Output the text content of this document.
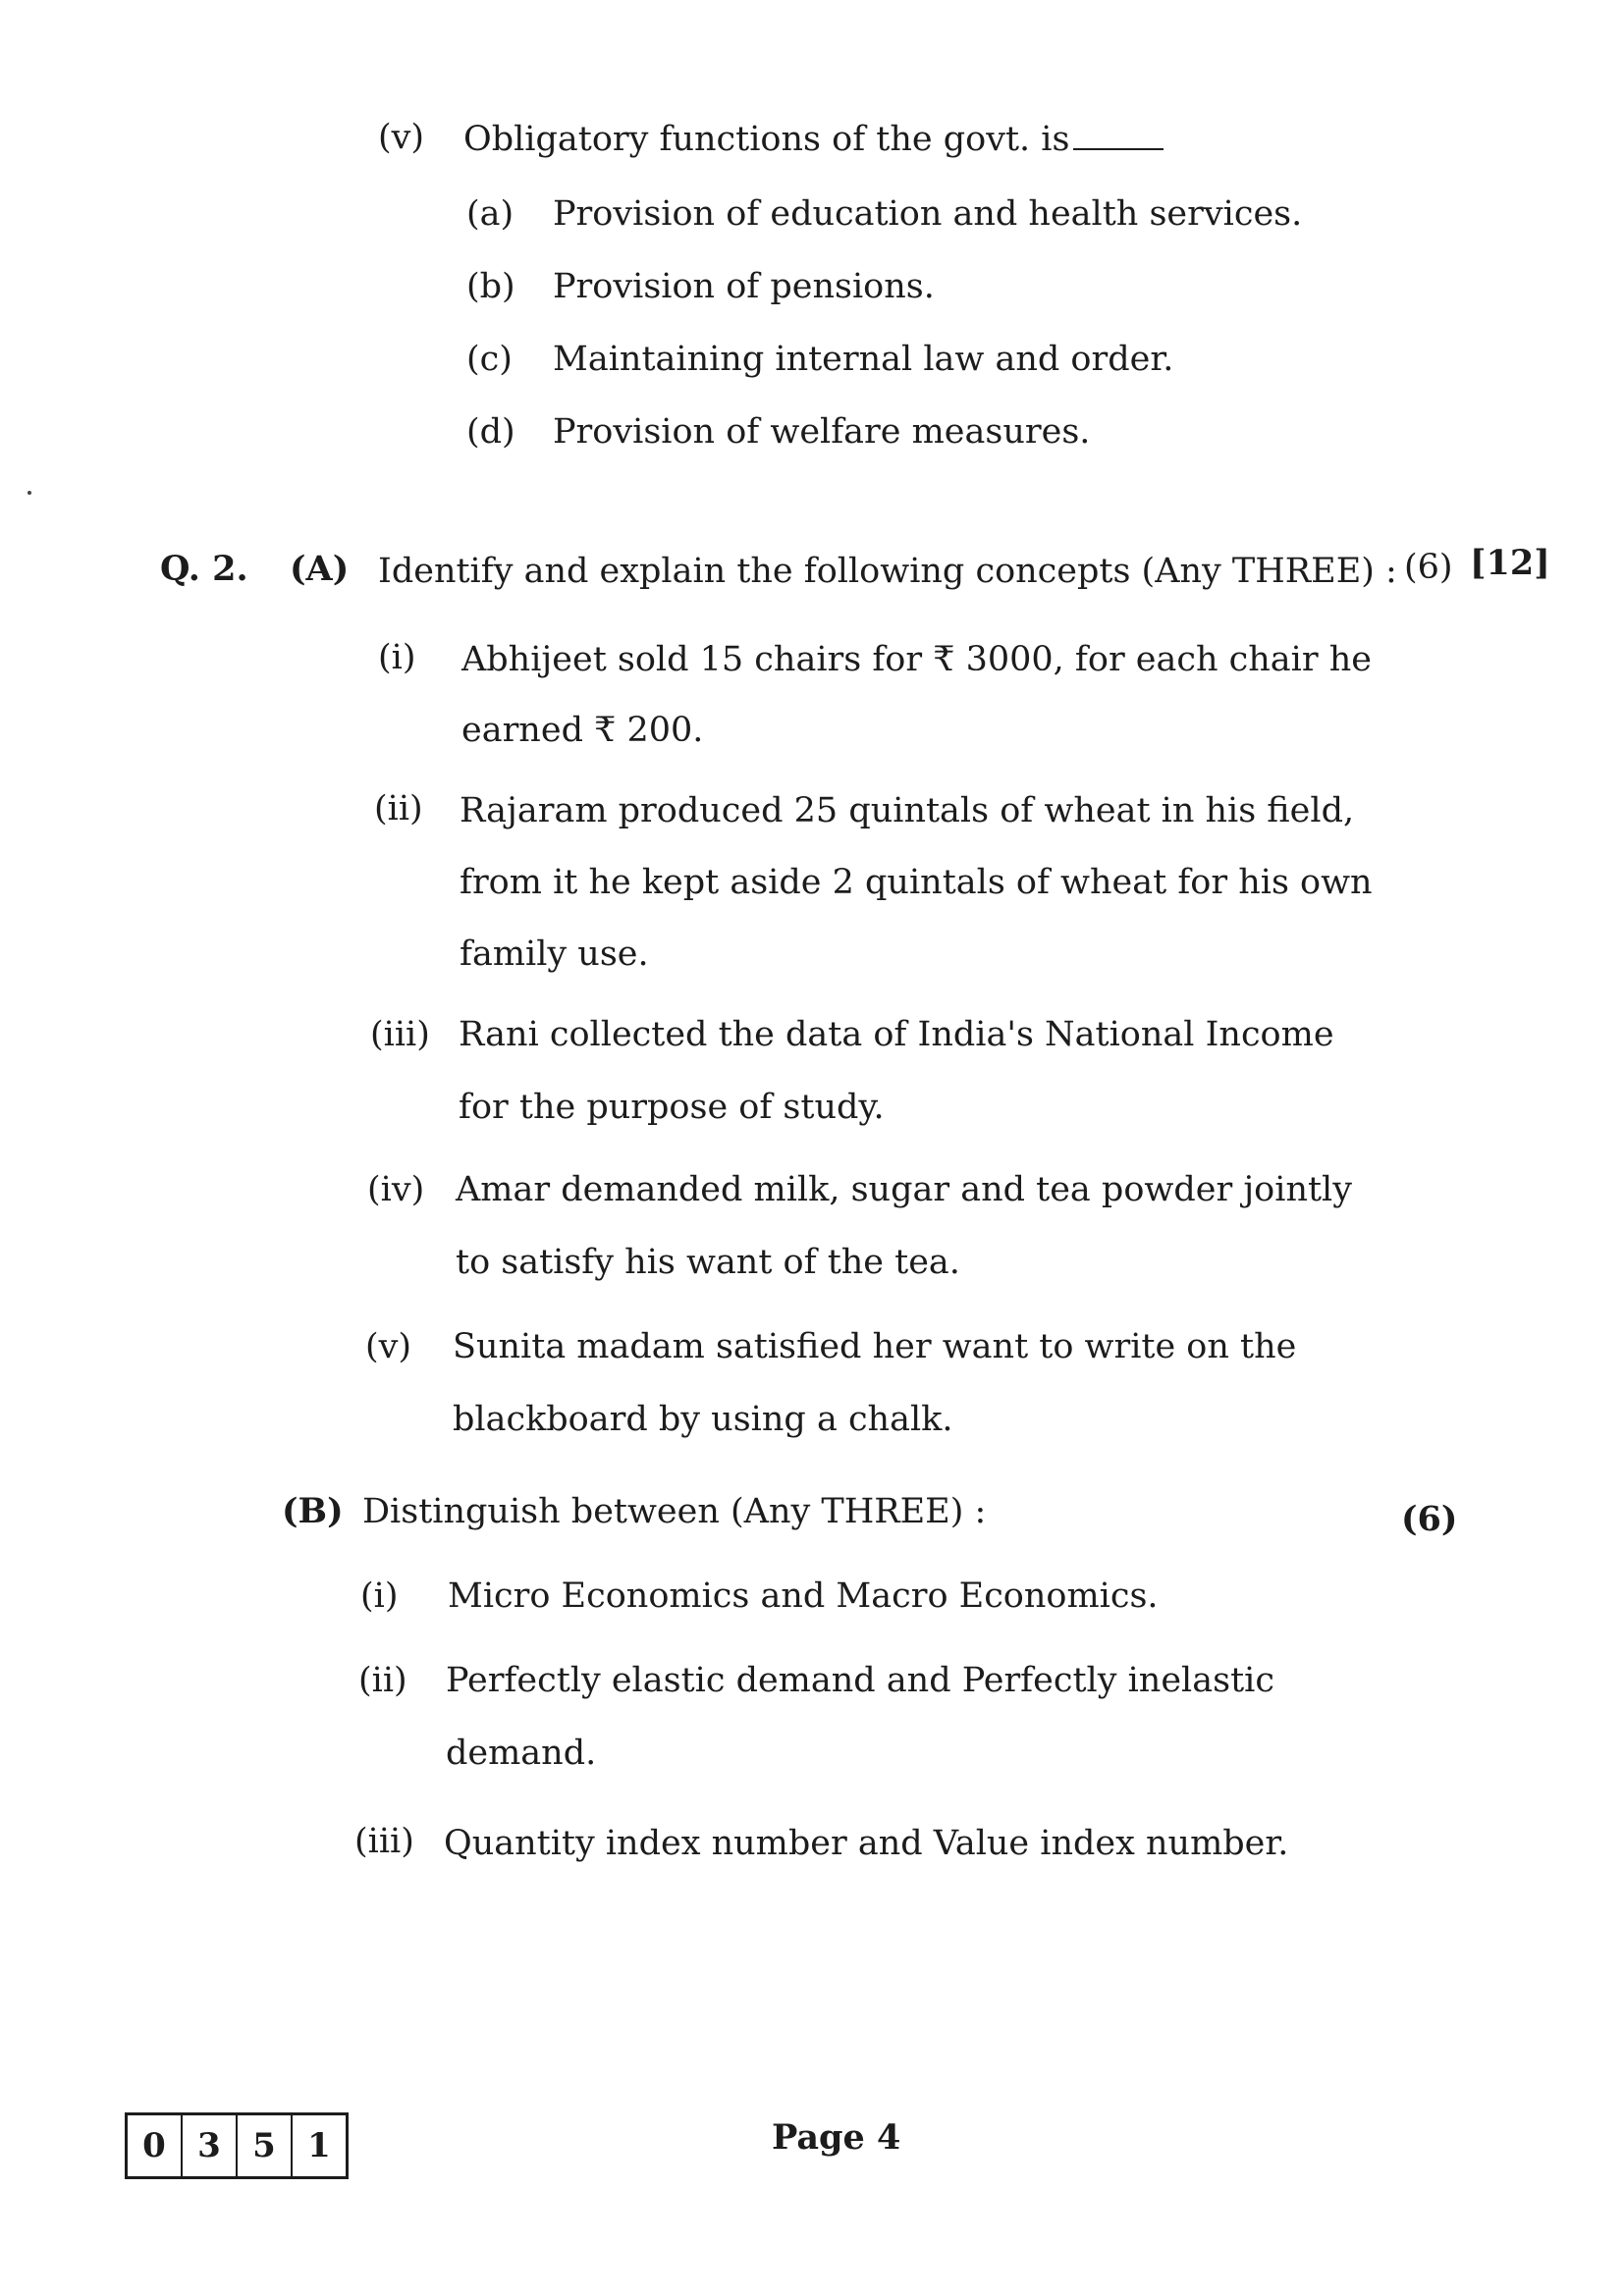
(v) Obligatory functions of the govt. is
(a) Provision of education and health services.
(b) Provision of pensions.
(c) Maintaining internal law and order.
(d) Provision of welfare measures.
Q. 2. (A) Identify and explain the following concepts (Any THREE) : (6) [12]
(i) Abhijeet sold 15 chairs for ₹ 3000, for each chair he
earned ₹ 200.
(ii) Rajaram produced 25 quintals of wheat in his field,
from it he kept aside 2 quintals of wheat for his own
family use.
(iii) Rani collected the data of India's National Income
for the purpose of study.
(iv) Amar demanded milk, sugar and tea powder jointly
to satisfy his want of the tea.
(v) Sunita madam satisfied her want to write on the
blackboard by using a chalk.
(B) Distinguish between (Any THREE) :	(6)
(i) Micro Economics and Macro Economics.
(ii) Perfectly elastic demand and Perfectly inelastic
demand.
(iii) Quantity index number and Value index number.
0 3 5 1	Page 4
